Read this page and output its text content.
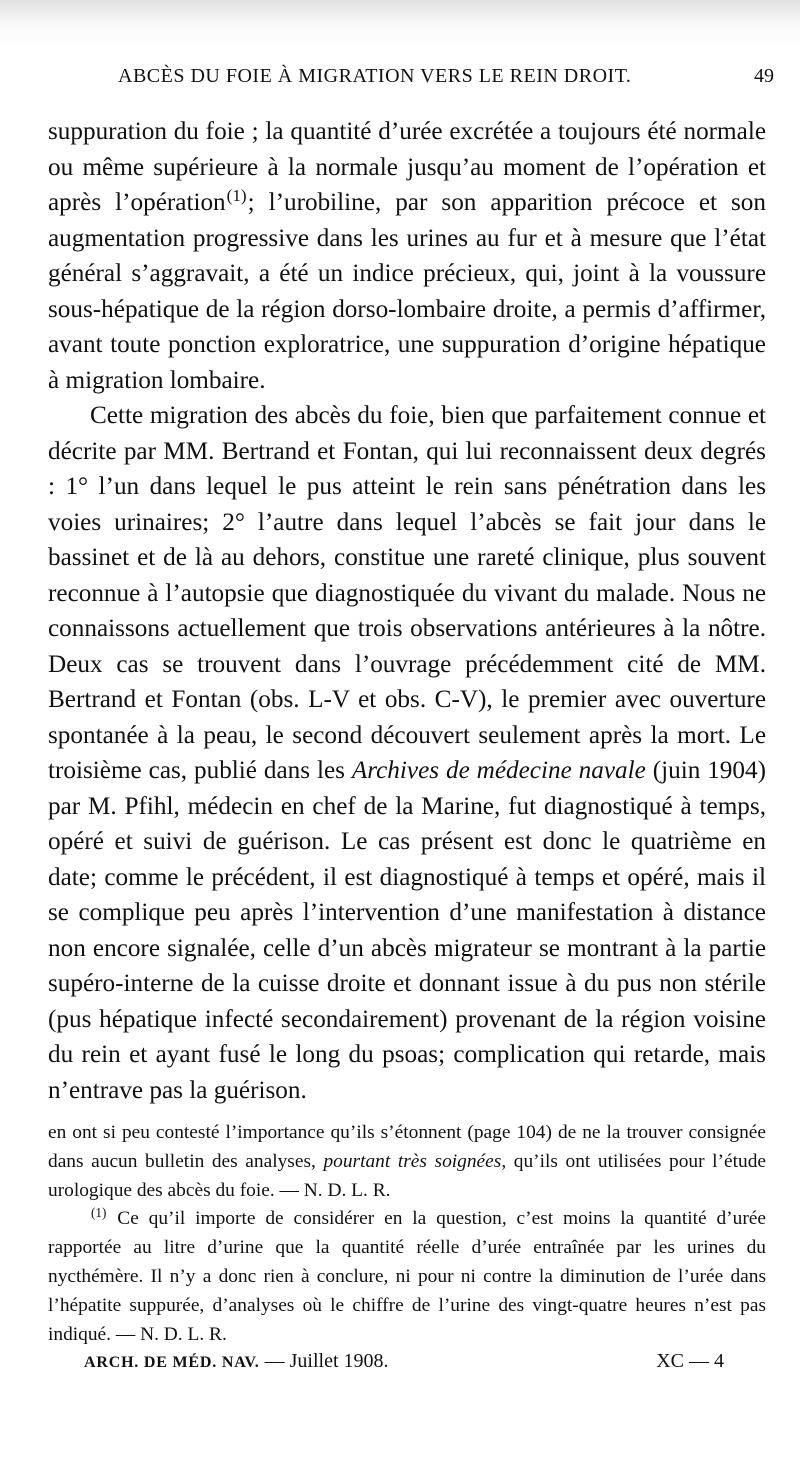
ABCÈS DU FOIE À MIGRATION VERS LE REIN DROIT.	49

suppuration du foie ; la quantité d’urée excrétée a toujours été normale ou même supérieure à la normale jusqu’au moment de l’opération et après l’opération$^{(1)}$; l’urobiline, par son apparition précoce et son augmentation progressive dans les urines au fur et à mesure que l’état général s’aggravait, a été un indice précieux, qui, joint à la voussure sous-hépatique de la région dorso-lombaire droite, a permis d’affirmer, avant toute ponction exploratrice, une suppuration d’origine hépatique à migration lombaire.

Cette migration des abcès du foie, bien que parfaitement connue et décrite par MM. Bertrand et Fontan, qui lui reconnaissent deux degrés : 1° l’un dans lequel le pus atteint le rein sans pénétration dans les voies urinaires; 2° l’autre dans lequel l’abcès se fait jour dans le bassinet et de là au dehors, constitue une rareté clinique, plus souvent reconnue à l’autopsie que diagnostiquée du vivant du malade. Nous ne connaissons actuellement que trois observations antérieures à la nôtre. Deux cas se trouvent dans l’ouvrage précédemment cité de MM. Bertrand et Fontan (obs. L-V et obs. C-V), le premier avec ouverture spontanée à la peau, le second découvert seulement après la mort. Le troisième cas, publié dans les Archives de médecine navale (juin 1904) par M. Pfihl, médecin en chef de la Marine, fut diagnostiqué à temps, opéré et suivi de guérison. Le cas présent est donc le quatrième en date; comme le précédent, il est diagnostiqué à temps et opéré, mais il se complique peu après l’intervention d’une manifestation à distance non encore signalée, celle d’un abcès migrateur se montrant à la partie supéro-interne de la cuisse droite et donnant issue à du pus non stérile (pus hépatique infecté secondairement) provenant de la région voisine du rein et ayant fusé le long du psoas; complication qui retarde, mais n’entrave pas la guérison.

en ont si peu contesté l’importance qu’ils s’étonnent (page 104) de ne la trouver consignée dans aucun bulletin des analyses, pourtant très soignées, qu’ils ont utilisées pour l’étude urologique des abcès du foie. — N. D. L. R.

$^{(1)}$ Ce qu’il importe de considérer en la question, c’est moins la quantité d’urée rapportée au litre d’urine que la quantité réelle d’urée entraînée par les urines du nycthémère. Il n’y a donc rien à conclure, ni pour ni contre la diminution de l’urée dans l’hépatite suppurée, d’analyses où le chiffre de l’urine des vingt-quatre heures n’est pas indiqué. — N. D. L. R.

ARCH. DE MÉD. NAV. — Juillet 1908.	XC — 4
